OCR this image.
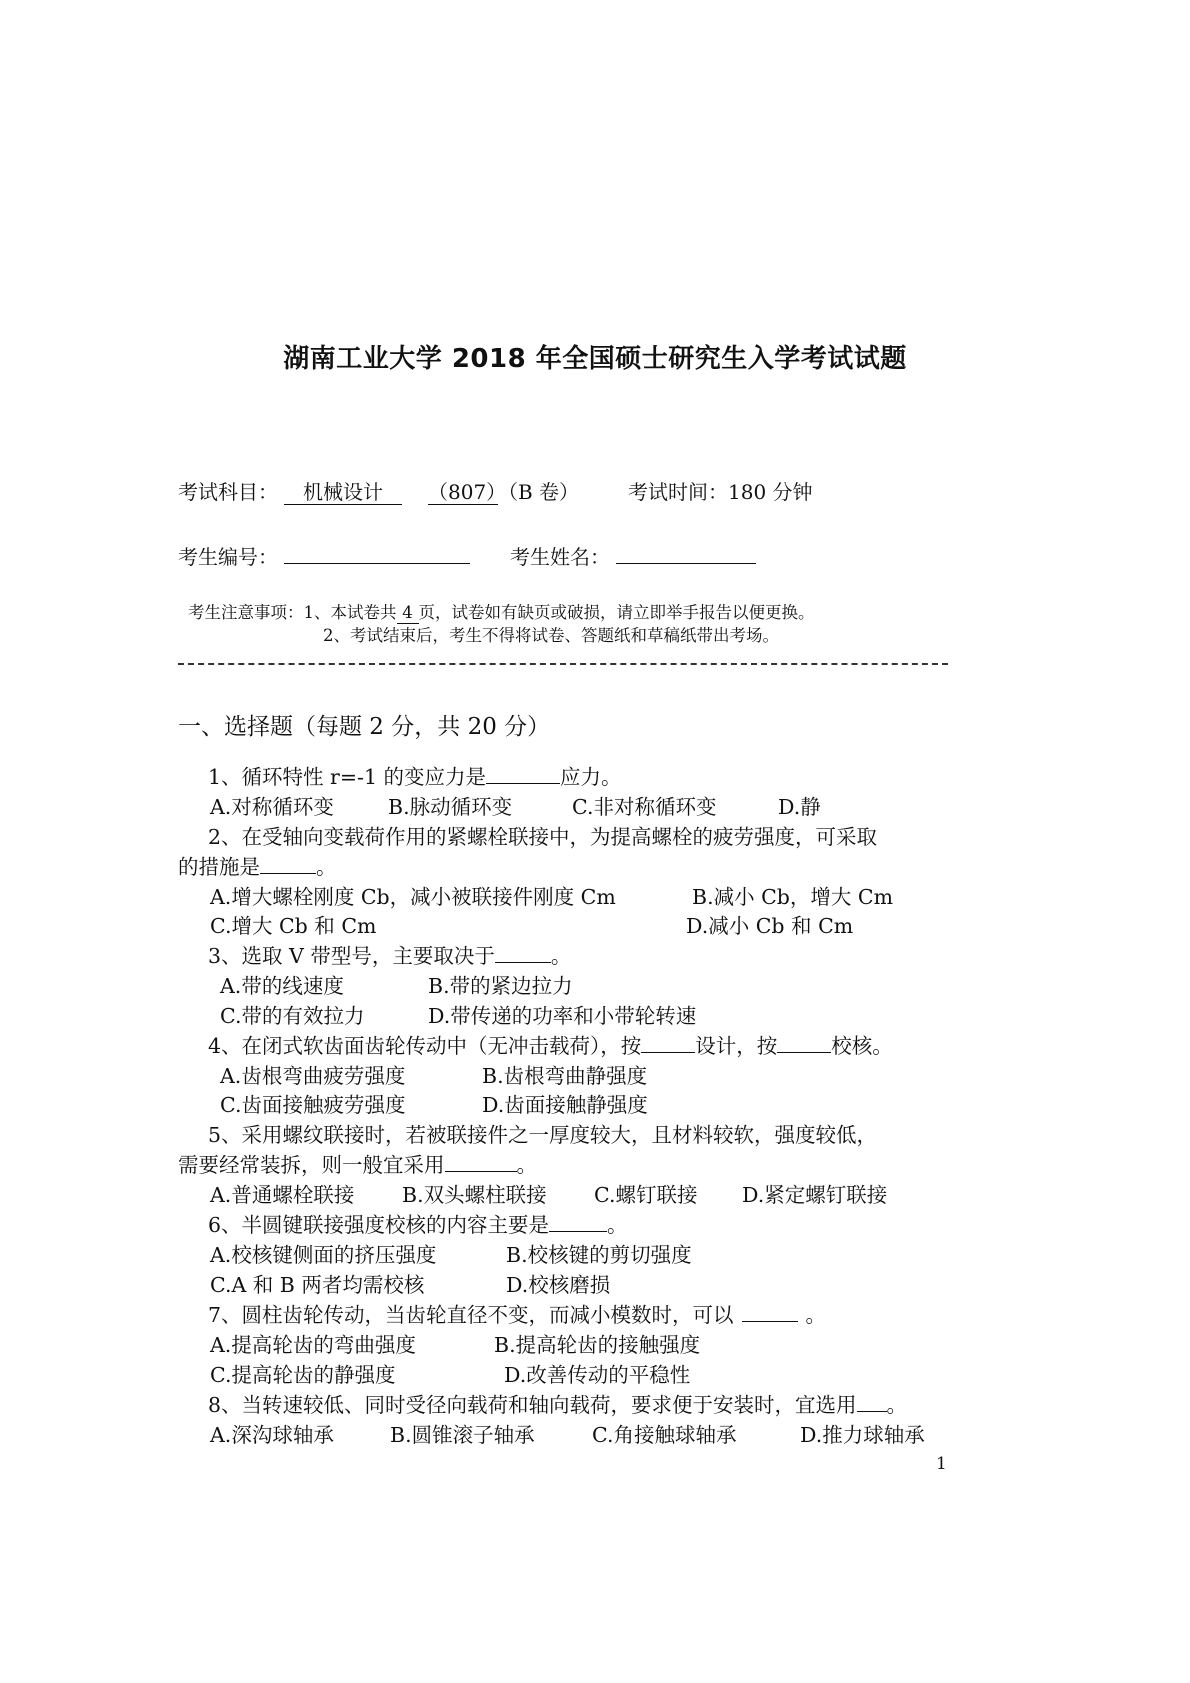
湖南工业大学 2018 年全国硕士研究生入学考试试题
考试科目： 机械设计 （807）（B 卷） 考试时间：180 分钟
考生编号：	考生姓名：
考生注意事项：1、本试卷共 4 页，试卷如有缺页或破损，请立即举手报告以便更换。
2、考试结束后，考生不得将试卷、答题纸和草稿纸带出考场。
一、选择题（每题 2 分，共 20 分）
1、循环特性 r=-1 的变应力是	应力。
A.对称循环变	B.脉动循环变	C.非对称循环变	D.静
2、在受轴向变载荷作用的紧螺栓联接中，为提高螺栓的疲劳强度，可采取
的措施是	。
A.增大螺栓刚度 Cb，减小被联接件刚度 Cm	B.减小 Cb，增大 Cm
C.增大 Cb 和 Cm	D.减小 Cb 和 Cm
3、选取 V 带型号，主要取决于	。
A.带的线速度	B.带的紧边拉力
C.带的有效拉力	D.带传递的功率和小带轮转速
4、在闭式软齿面齿轮传动中（无冲击载荷），按	设计，按	校核。
A.齿根弯曲疲劳强度	B.齿根弯曲静强度
C.齿面接触疲劳强度	D.齿面接触静强度
5、采用螺纹联接时，若被联接件之一厚度较大，且材料较软，强度较低，
需要经常装拆，则一般宜采用	。
A.普通螺栓联接 B.双头螺柱联接 C.螺钉联接 D.紧定螺钉联接
6、半圆键联接强度校核的内容主要是	。
A.校核键侧面的挤压强度	B.校核键的剪切强度
C.A 和 B 两者均需校核	D.校核磨损
7、圆柱齿轮传动，当齿轮直径不变，而减小模数时，可以	。
A.提高轮齿的弯曲强度	B.提高轮齿的接触强度
C.提高轮齿的静强度	D.改善传动的平稳性
8、当转速较低、同时受径向载荷和轴向载荷，要求便于安装时，宜选用 。
A.深沟球轴承	B.圆锥滚子轴承	C.角接触球轴承	D.推力球轴承
1
